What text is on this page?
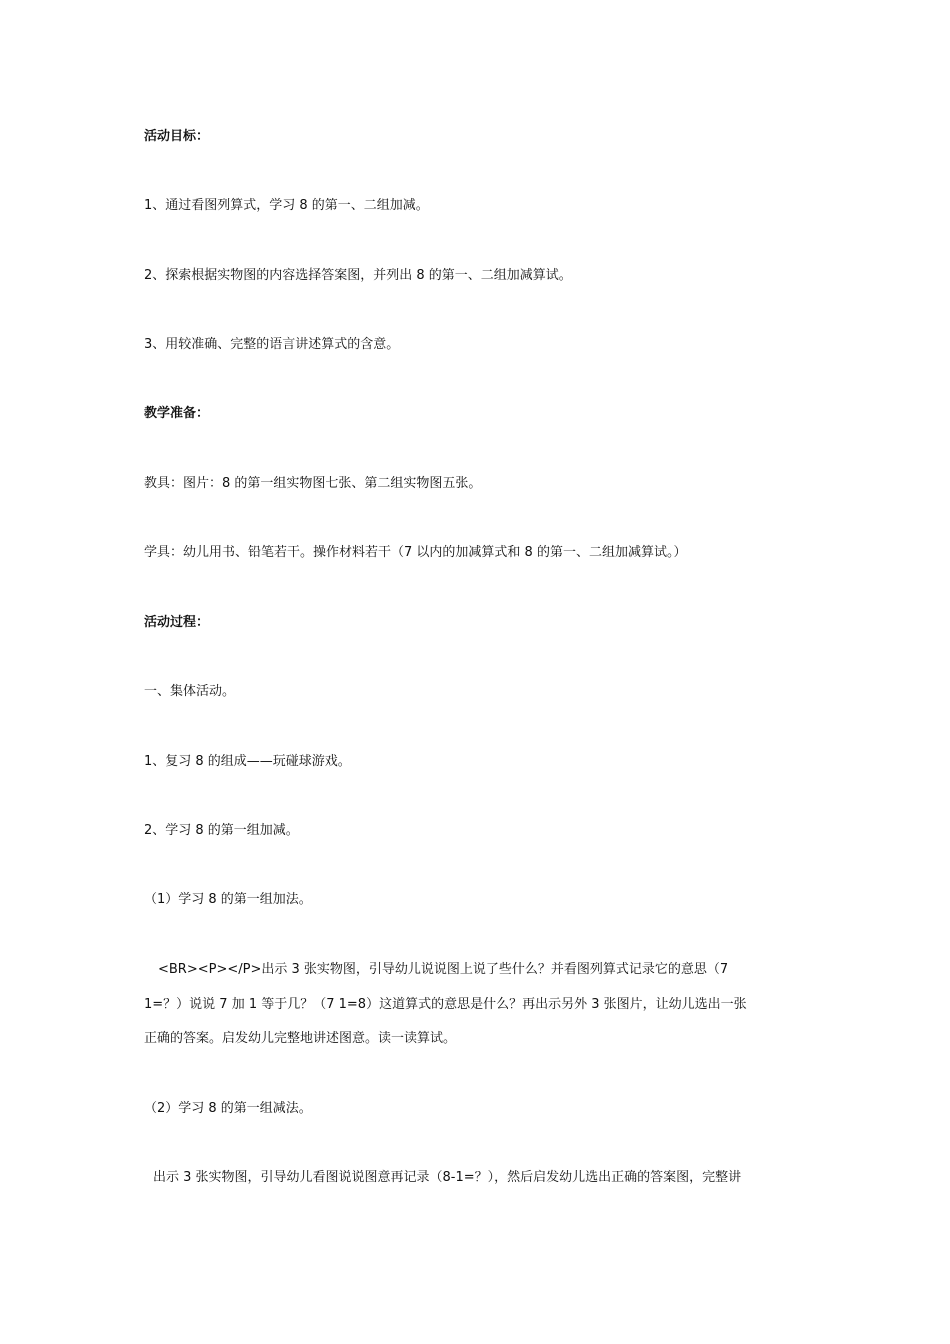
活动目标：
1、通过看图列算式，学习 8 的第一、二组加减。
2、探索根据实物图的内容选择答案图，并列出 8 的第一、二组加减算试。
3、用较准确、完整的语言讲述算式的含意。
教学准备：
教具：图片：8 的第一组实物图七张、第二组实物图五张。
学具：幼儿用书、铅笔若干。操作材料若干（7 以内的加减算式和 8 的第一、二组加减算试。）
活动过程：
一、集体活动。
1、复习 8 的组成——玩碰球游戏。
2、学习 8 的第一组加减。
（1）学习 8 的第一组加法。
<BR><P></P>出示 3 张实物图，引导幼儿说说图上说了些什么？并看图列算式记录它的意思（7
1=？）说说 7 加 1 等于几？（7 1=8）这道算式的意思是什么？再出示另外 3 张图片，让幼儿选出一张
正确的答案。启发幼儿完整地讲述图意。读一读算试。
（2）学习 8 的第一组减法。
出示 3 张实物图，引导幼儿看图说说图意再记录（8-1=？），然后启发幼儿选出正确的答案图，完整讲
